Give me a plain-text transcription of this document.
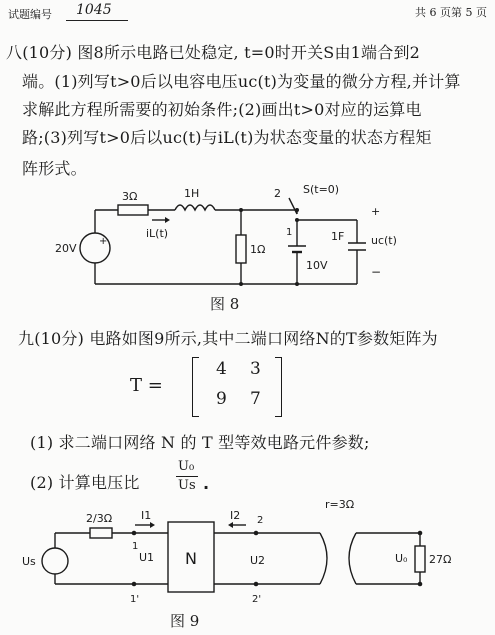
试题编号 1045	共 6 页第 5 页
八(10分) 图8所示电路已处稳定, t=0时开关S由1端合到2
端。(1)列写t>0后以电容电压uc(t)为变量的微分方程,并计算
求解此方程所需要的初始条件;(2)画出t>0对应的运算电
路;(3)列写t>0后以uc(t)与iL(t)为状态变量的状态方程矩
阵形式。
+
20V
3Ω	1H
iL(t)
S(t=0)
2
1
1Ω
10V
1F
+
uc(t)
−
图 8
九(10分) 电路如图9所示,其中二端口网络N的T参数矩阵为
T =
4 3
9 7
(1) 求二端口网络 N 的 T 型等效电路元件参数;
(2) 计算电压比
U₀
Us .
2/3Ω	I1	I2 2
Us
1
U1
1'
N	U2
2'
r=3Ω
U₀ 27Ω
图 9
